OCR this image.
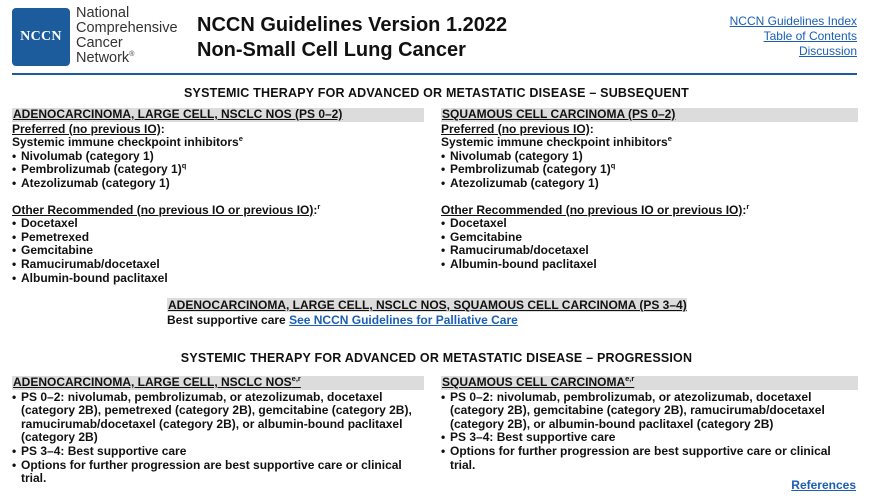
NCCN
National
Comprehensive
Cancer
Network®
NCCN Guidelines Version 1.2022
Non-Small Cell Lung Cancer
NCCN Guidelines Index
Table of Contents
Discussion
SYSTEMIC THERAPY FOR ADVANCED OR METASTATIC DISEASE – SUBSEQUENT
ADENOCARCINOMA, LARGE CELL, NSCLC NOS (PS 0–2)
Preferred (no previous IO):
Systemic immune checkpoint inhibitors$^e$
• Nivolumab (category 1)
• Pembrolizumab (category 1)$^q$
• Atezolizumab (category 1)
Other Recommended (no previous IO or previous IO):$^r$
• Docetaxel
• Pemetrexed
• Gemcitabine
• Ramucirumab/docetaxel
• Albumin-bound paclitaxel
SQUAMOUS CELL CARCINOMA (PS 0–2)
Preferred (no previous IO):
Systemic immune checkpoint inhibitors$^e$
• Nivolumab (category 1)
• Pembrolizumab (category 1)$^q$
• Atezolizumab (category 1)
Other Recommended (no previous IO or previous IO):$^r$
• Docetaxel
• Gemcitabine
• Ramucirumab/docetaxel
• Albumin-bound paclitaxel
ADENOCARCINOMA, LARGE CELL, NSCLC NOS, SQUAMOUS CELL CARCINOMA (PS 3–4)
Best supportive care See NCCN Guidelines for Palliative Care
SYSTEMIC THERAPY FOR ADVANCED OR METASTATIC DISEASE – PROGRESSION
ADENOCARCINOMA, LARGE CELL, NSCLC NOS$^{e,r}$
• PS 0–2: nivolumab, pembrolizumab, or atezolizumab, docetaxel (category 2B), pemetrexed (category 2B), gemcitabine (category 2B), ramucirumab/docetaxel (category 2B), or albumin-bound paclitaxel (category 2B)
• PS 3–4: Best supportive care
• Options for further progression are best supportive care or clinical trial.
SQUAMOUS CELL CARCINOMA$^{e,r}$
• PS 0–2: nivolumab, pembrolizumab, or atezolizumab, docetaxel (category 2B), gemcitabine (category 2B), ramucirumab/docetaxel (category 2B), or albumin-bound paclitaxel (category 2B)
• PS 3–4: Best supportive care
• Options for further progression are best supportive care or clinical trial.
References
